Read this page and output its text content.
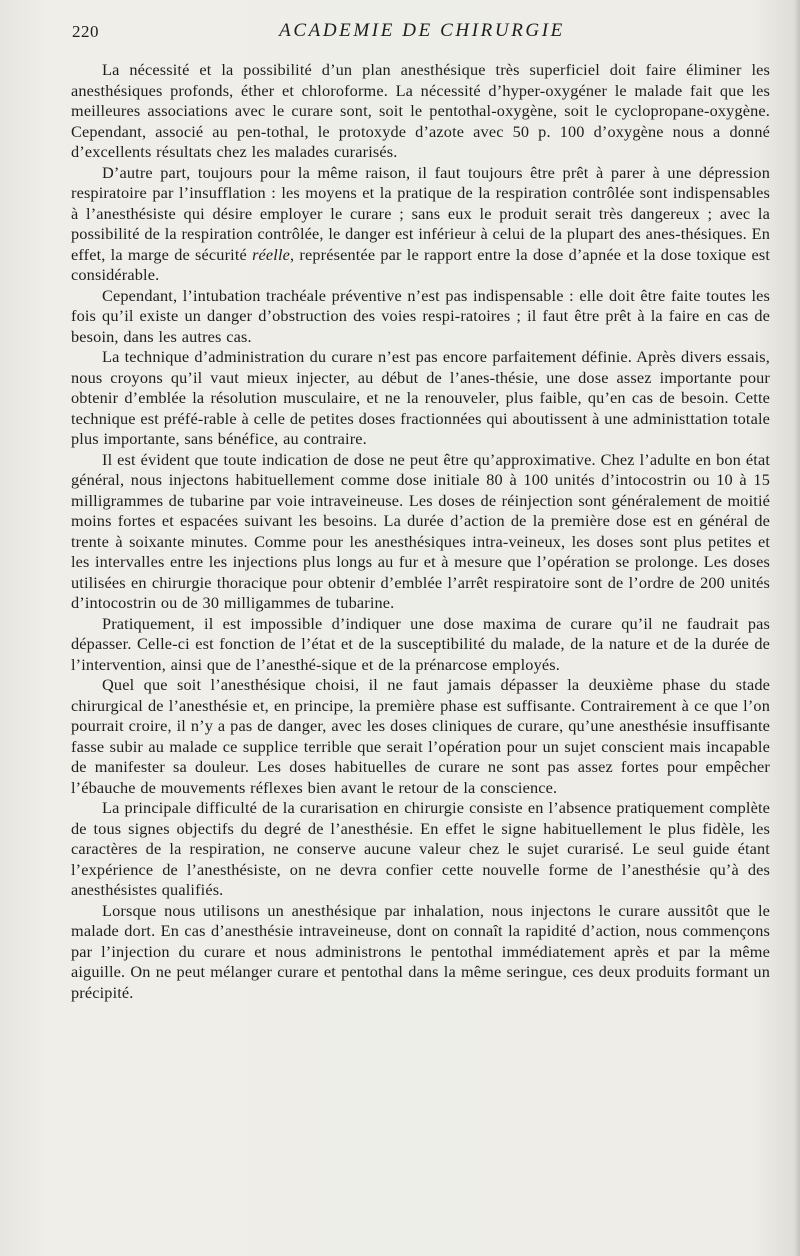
220	ACADEMIE DE CHIRURGIE

La nécessité et la possibilité d’un plan anesthésique très superficiel doit faire éliminer les anesthésiques profonds, éther et chloroforme. La nécessité d’hyper-oxygéner le malade fait que les meilleures associations avec le curare sont, soit le pentothal-oxygène, soit le cyclopropane-oxygène. Cependant, associé au pen-tothal, le protoxyde d’azote avec 50 p. 100 d’oxygène nous a donné d’excellents résultats chez les malades curarisés.

D’autre part, toujours pour la même raison, il faut toujours être prêt à parer à une dépression respiratoire par l’insufflation : les moyens et la pratique de la respiration contrôlée sont indispensables à l’anesthésiste qui désire employer le curare ; sans eux le produit serait très dangereux ; avec la possibilité de la respiration contrôlée, le danger est inférieur à celui de la plupart des anes-thésiques. En effet, la marge de sécurité réelle, représentée par le rapport entre la dose d’apnée et la dose toxique est considérable.

Cependant, l’intubation trachéale préventive n’est pas indispensable : elle doit être faite toutes les fois qu’il existe un danger d’obstruction des voies respi-ratoires ; il faut être prêt à la faire en cas de besoin, dans les autres cas.

La technique d’administration du curare n’est pas encore parfaitement définie. Après divers essais, nous croyons qu’il vaut mieux injecter, au début de l’anes-thésie, une dose assez importante pour obtenir d’emblée la résolution musculaire, et ne la renouveler, plus faible, qu’en cas de besoin. Cette technique est préfé-rable à celle de petites doses fractionnées qui aboutissent à une administtation totale plus importante, sans bénéfice, au contraire.

Il est évident que toute indication de dose ne peut être qu’approximative. Chez l’adulte en bon état général, nous injectons habituellement comme dose initiale 80 à 100 unités d’intocostrin ou 10 à 15 milligrammes de tubarine par voie intraveineuse. Les doses de réinjection sont généralement de moitié moins fortes et espacées suivant les besoins. La durée d’action de la première dose est en général de trente à soixante minutes. Comme pour les anesthésiques intra-veineux, les doses sont plus petites et les intervalles entre les injections plus longs au fur et à mesure que l’opération se prolonge. Les doses utilisées en chirurgie thoracique pour obtenir d’emblée l’arrêt respiratoire sont de l’ordre de 200 unités d’intocostrin ou de 30 milligammes de tubarine.

Pratiquement, il est impossible d’indiquer une dose maxima de curare qu’il ne faudrait pas dépasser. Celle-ci est fonction de l’état et de la susceptibilité du malade, de la nature et de la durée de l’intervention, ainsi que de l’anesthé-sique et de la prénarcose employés.

Quel que soit l’anesthésique choisi, il ne faut jamais dépasser la deuxième phase du stade chirurgical de l’anesthésie et, en principe, la première phase est suffisante. Contrairement à ce que l’on pourrait croire, il n’y a pas de danger, avec les doses cliniques de curare, qu’une anesthésie insuffisante fasse subir au malade ce supplice terrible que serait l’opération pour un sujet conscient mais incapable de manifester sa douleur. Les doses habituelles de curare ne sont pas assez fortes pour empêcher l’ébauche de mouvements réflexes bien avant le retour de la conscience.

La principale difficulté de la curarisation en chirurgie consiste en l’absence pratiquement complète de tous signes objectifs du degré de l’anesthésie. En effet le signe habituellement le plus fidèle, les caractères de la respiration, ne conserve aucune valeur chez le sujet curarisé. Le seul guide étant l’expérience de l’anesthésiste, on ne devra confier cette nouvelle forme de l’anesthésie qu’à des anesthésistes qualifiés.

Lorsque nous utilisons un anesthésique par inhalation, nous injectons le curare aussitôt que le malade dort. En cas d’anesthésie intraveineuse, dont on connaît la rapidité d’action, nous commençons par l’injection du curare et nous administrons le pentothal immédiatement après et par la même aiguille. On ne peut mélanger curare et pentothal dans la même seringue, ces deux produits formant un précipité.
